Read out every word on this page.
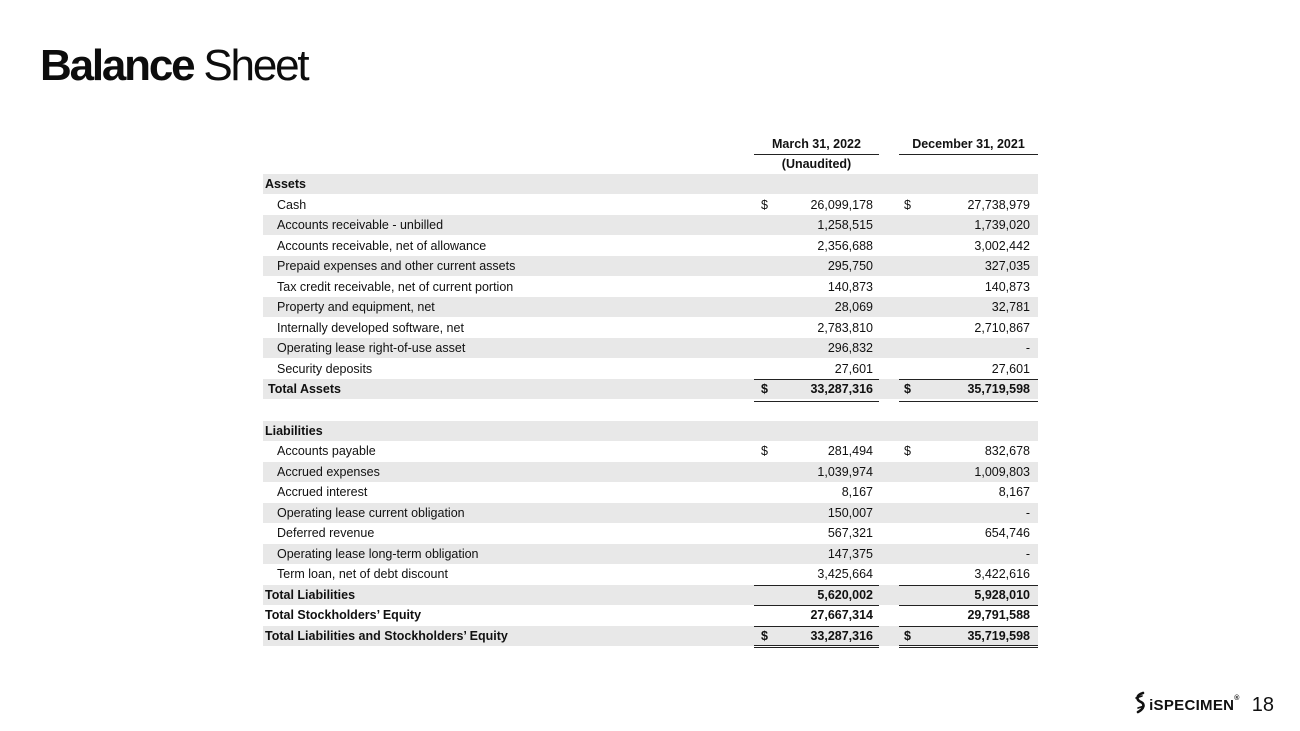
Balance Sheet
March 31, 2022	December 31, 2021
(Unaudited)
Assets
Cash	$	26,099,178 $	27,738,979
Accounts receivable - unbilled	1,258,515	1,739,020
Accounts receivable, net of allowance	2,356,688	3,002,442
Prepaid expenses and other current assets	295,750	327,035
Tax credit receivable, net of current portion	140,873	140,873
Property and equipment, net	28,069	32,781
Internally developed software, net	2,783,810	2,710,867
Operating lease right-of-use asset	296,832	-
Security deposits	27,601	27,601
Total Assets	$	33,287,316 $	35,719,598
Liabilities
Accounts payable	$	281,494 $	832,678
Accrued expenses	1,039,974	1,009,803
Accrued interest	8,167	8,167
Operating lease current obligation	150,007	-
Deferred revenue	567,321	654,746
Operating lease long-term obligation	147,375	-
Term loan, net of debt discount	3,425,664	3,422,616
Total Liabilities	5,620,002	5,928,010
Total Stockholders’ Equity	27,667,314	29,791,588
Total Liabilities and Stockholders’ Equity	$	33,287,316 $	35,719,598
iSPECIMEN® 18
